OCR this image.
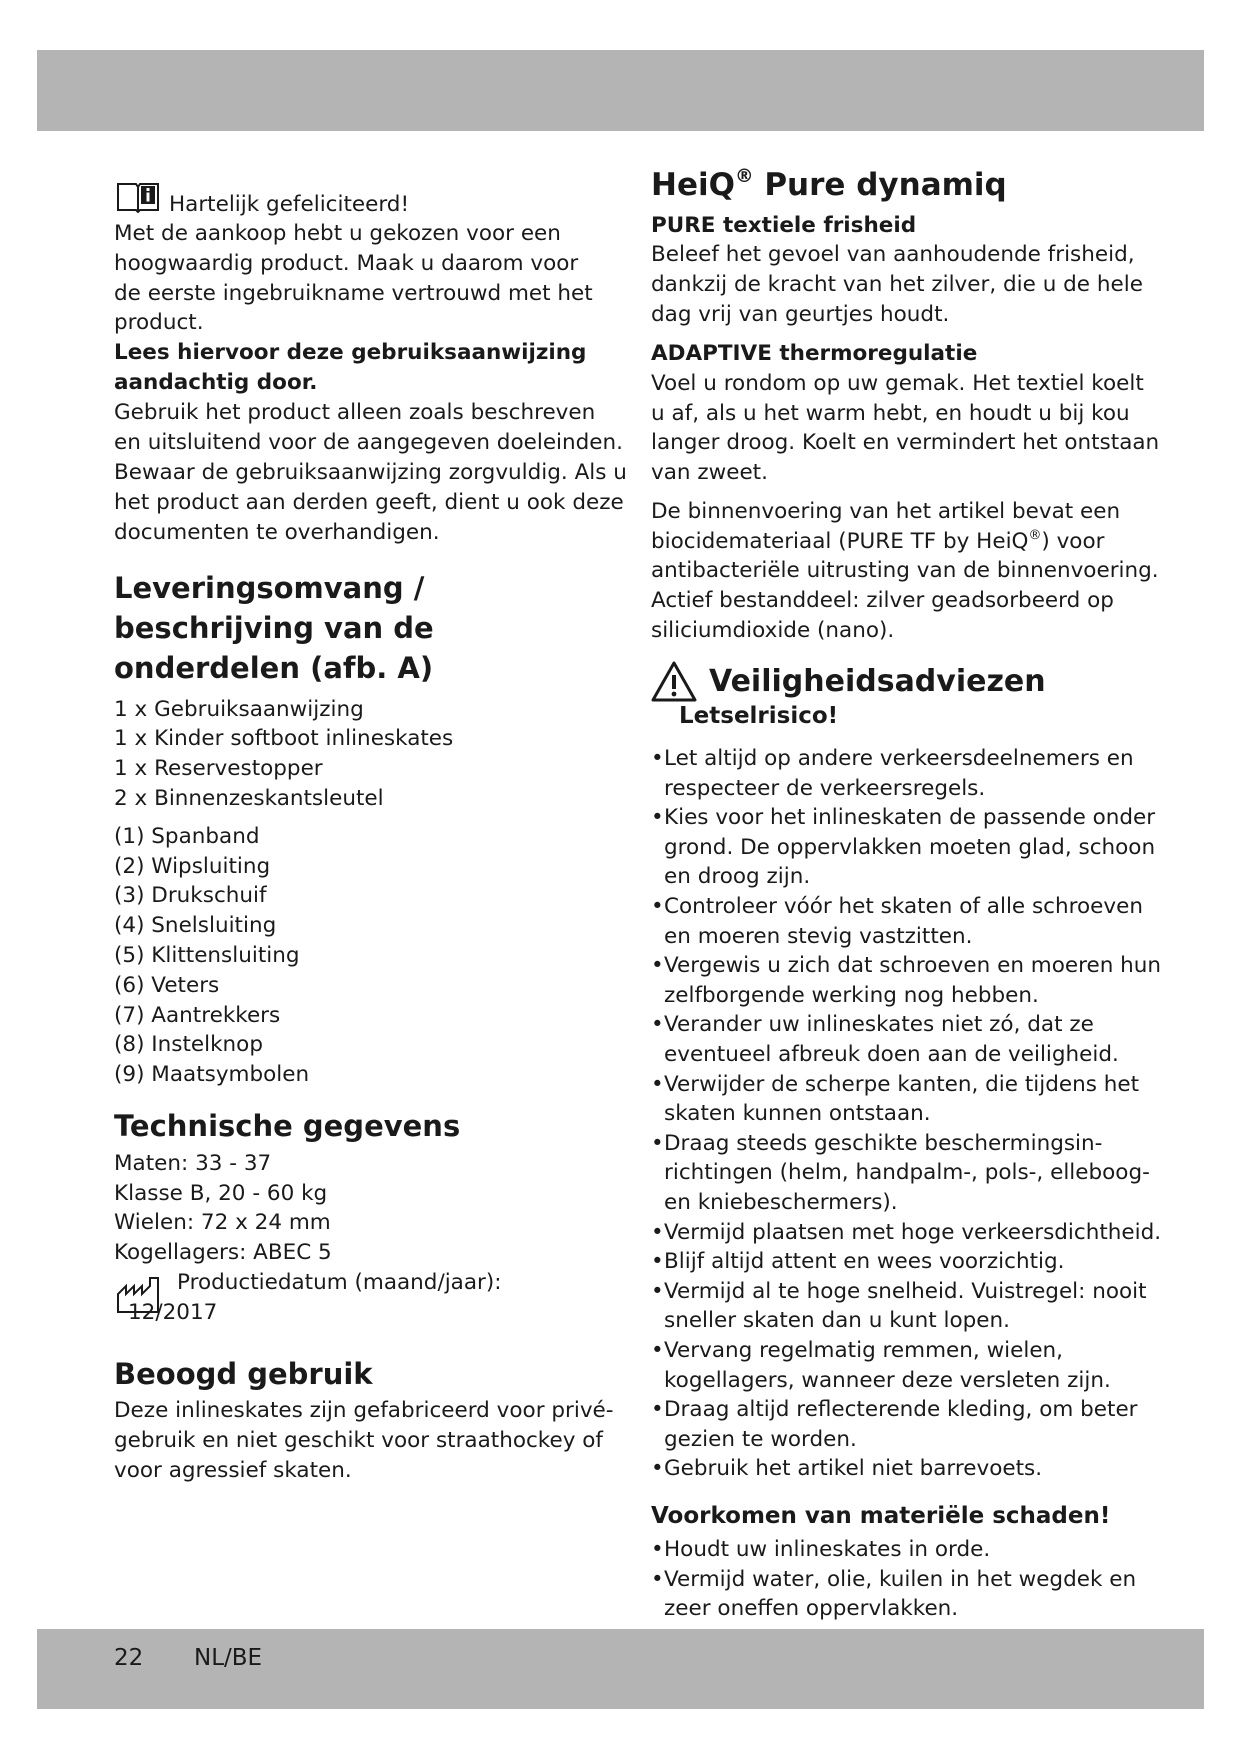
Hartelijk gefeliciteerd!
Met de aankoop hebt u gekozen voor een
hoogwaardig product. Maak u daarom voor
de eerste ingebruikname vertrouwd met het
product.
Lees hiervoor deze gebruiksaanwijzing
aandachtig door.
Gebruik het product alleen zoals beschreven
en uitsluitend voor de aangegeven doeleinden.
Bewaar de gebruiksaanwijzing zorgvuldig. Als u
het product aan derden geeft, dient u ook deze
documenten te overhandigen.
Leveringsomvang /
beschrijving van de
onderdelen (afb. A)
1 x Gebruiksaanwijzing
1 x Kinder softboot inlineskates
1 x Reservestopper
2 x Binnenzeskantsleutel
(1) Spanband
(2) Wipsluiting
(3) Drukschuif
(4) Snelsluiting
(5) Klittensluiting
(6) Veters
(7) Aantrekkers
(8) Instelknop
(9) Maatsymbolen
Technische gegevens
Maten: 33 - 37
Klasse B, 20 - 60 kg
Wielen: 72 x 24 mm
Kogellagers: ABEC 5
Productiedatum (maand/jaar):
12/2017
Beoogd gebruik
Deze inlineskates zijn gefabriceerd voor privé-
gebruik en niet geschikt voor straathockey of
voor agressief skaten.
HeiQ® Pure dynamiq
PURE textiele frisheid
Beleef het gevoel van aanhoudende frisheid,
dankzij de kracht van het zilver, die u de hele
dag vrij van geurtjes houdt.
ADAPTIVE thermoregulatie
Voel u rondom op uw gemak. Het textiel koelt
u af, als u het warm hebt, en houdt u bij kou
langer droog. Koelt en vermindert het ontstaan
van zweet.
De binnenvoering van het artikel bevat een
biocidemateriaal (PURE TF by HeiQ®) voor
antibacteriële uitrusting van de binnenvoering.
Actief bestanddeel: zilver geadsorbeerd op
siliciumdioxide (nano).
Veiligheidsadviezen
Letselrisico!
• Let altijd op andere verkeersdeelnemers en
respecteer de verkeersregels.
• Kies voor het inlineskaten de passende onder
grond. De oppervlakken moeten glad, schoon
en droog zijn.
• Controleer vóór het skaten of alle schroeven
en moeren stevig vastzitten.
• Vergewis u zich dat schroeven en moeren hun
zelfborgende werking nog hebben.
• Verander uw inlineskates niet zó, dat ze
eventueel afbreuk doen aan de veiligheid.
• Verwijder de scherpe kanten, die tijdens het
skaten kunnen ontstaan.
• Draag steeds geschikte beschermingsin-
richtingen (helm, handpalm-, pols-, elleboog-
en kniebeschermers).
• Vermijd plaatsen met hoge verkeersdichtheid.
• Blijf altijd attent en wees voorzichtig.
• Vermijd al te hoge snelheid. Vuistregel: nooit
sneller skaten dan u kunt lopen.
• Vervang regelmatig remmen, wielen,
kogellagers, wanneer deze versleten zijn.
• Draag altijd reflecterende kleding, om beter
gezien te worden.
• Gebruik het artikel niet barrevoets.
Voorkomen van materiële schaden!
• Houdt uw inlineskates in orde.
• Vermijd water, olie, kuilen in het wegdek en
zeer oneffen oppervlakken.
22 NL/BE
